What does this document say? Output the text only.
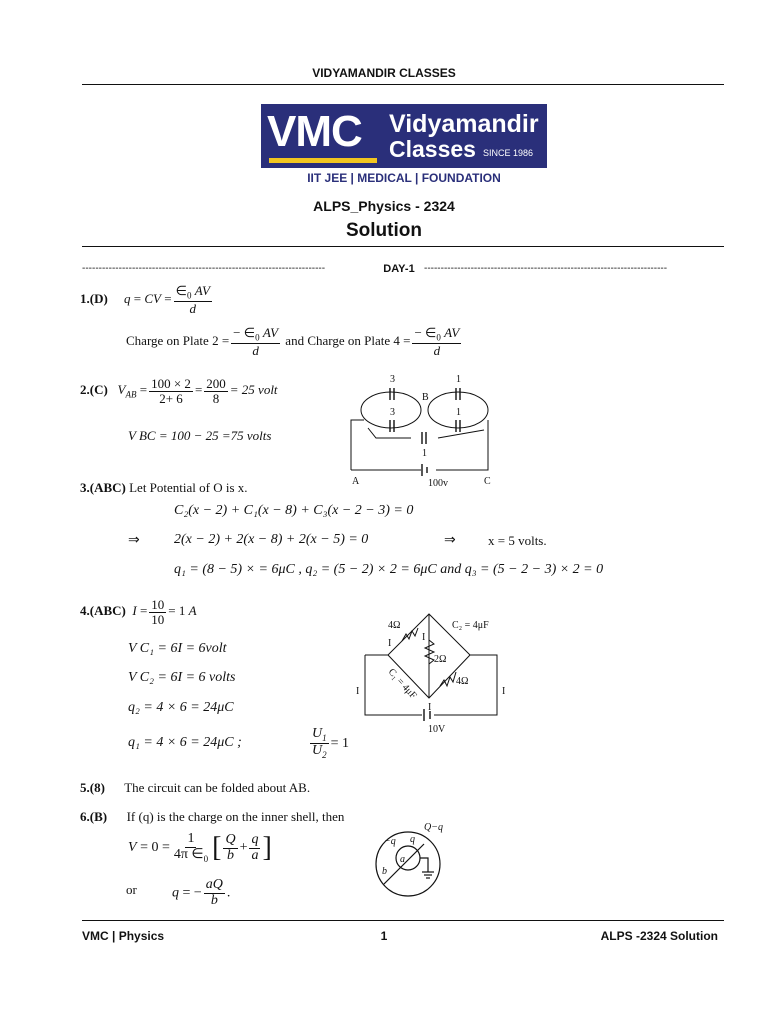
VIDYAMANDIR CLASSES
VMC Vidyamandir
Classes SINCE 1986
IIT JEE | MEDICAL | FOUNDATION
ALPS_Physics - 2324
Solution
-------------------------------------------------------------------------	DAY-1 -------------------------------------------------------------------------
1.(D) q = CV = $\frac{\in_0 AV}{d}$
Charge on Plate $2 = \frac{- \in_0 AV}{d}$ and Charge on Plate $4 = \frac{- \in_0 AV}{d}$
2.(C) $V_{AB} = \frac{100 \times 2}{2+ 6} = \frac{200}{8} = 25$ volt
V BC = 100 − 25 =75 volts
3	1
3	1
1
A
B
C
100v
3.(ABC) Let Potential of O is x.
C₂(x − 2) + C₁(x − 8) + C₃(x − 2 − 3) = 0
⇒ 2(x − 2) + 2(x − 8) + 2(x − 5) = 0	⇒ x = 5 volts.
q₁ = (8 − 5) × = 6μC , q₂ = (5 − 2) × 2 = 6μC and q₃ = (5 − 2 − 3) × 2 = 0
4.(ABC) $I = \frac{10}{10} = 1$ A
V C₁ = 6I = 6volt
V C₂ = 6I = 6 volts
q₂ = 4 × 6 = 24μC
q₁ = 4 × 6 = 24μC ;	$\frac{U_1}{U_2} = 1$
4Ω
2Ω
4Ω
C₂ = 4μF
C₁ = 4μF
I	I
I
I
I
10V
5.(8) The circuit can be folded about AB.
6.(B) If (q) is the charge on the inner shell, then
$V = 0 = \frac{1}{4\pi \in_0}$ [ $\frac{Q}{b} + \frac{q}{a}$ ]
or	q = − $\frac{aQ}{b}$ .
Q−q
−q q
a
b
VMC | Physics	1	ALPS -2324 Solution
